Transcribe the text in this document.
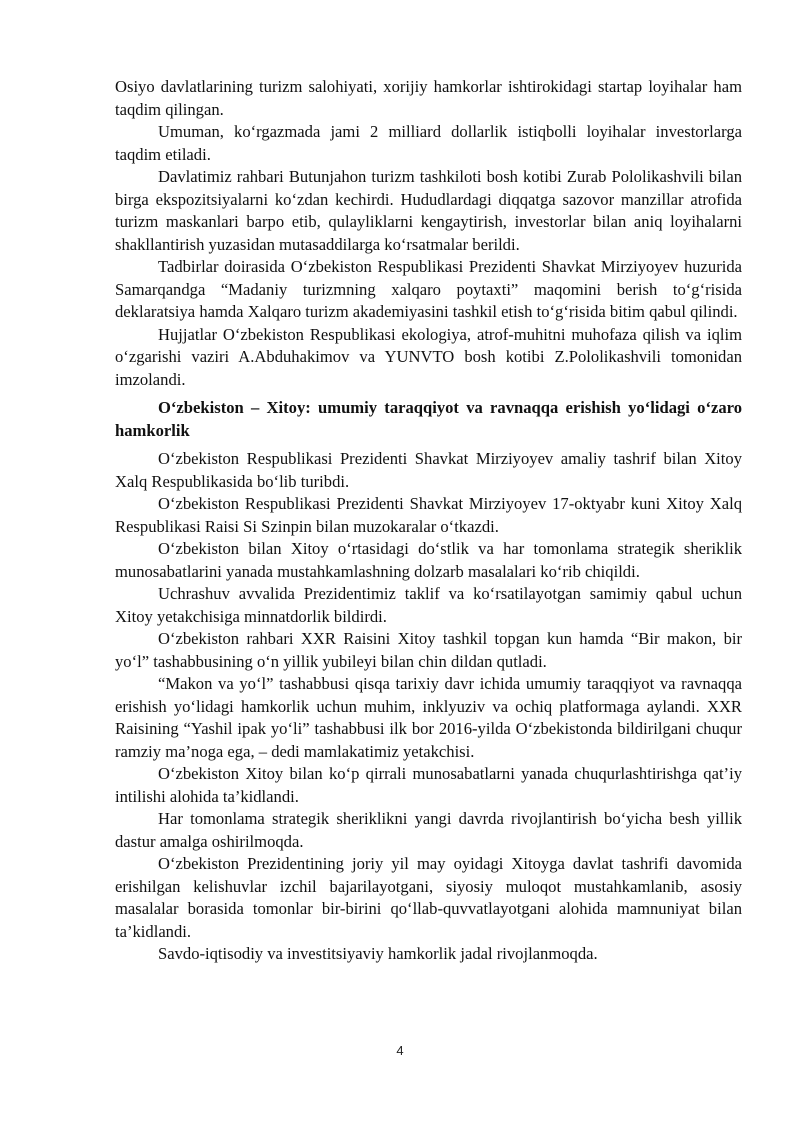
Osiyo davlatlarining turizm salohiyati, xorijiy hamkorlar ishtirokidagi startap loyihalar ham taqdim qilingan.

Umuman, ko‘rgazmada jami 2 milliard dollarlik istiqbolli loyihalar investorlarga taqdim etiladi.

Davlatimiz rahbari Butunjahon turizm tashkiloti bosh kotibi Zurab Pololikashvili bilan birga ekspozitsiyalarni ko‘zdan kechirdi. Hududlardagi diqqatga sazovor manzillar atrofida turizm maskanlari barpo etib, qulayliklarni kengaytirish, investorlar bilan aniq loyihalarni shakllantirish yuzasidan mutasaddilarga ko‘rsatmalar berildi.

Tadbirlar doirasida O‘zbekiston Respublikasi Prezidenti Shavkat Mirziyoyev huzurida Samarqandga “Madaniy turizmning xalqaro poytaxti” maqomini berish to‘g‘risida deklaratsiya hamda Xalqaro turizm akademiyasini tashkil etish to‘g‘risida bitim qabul qilindi.

Hujjatlar O‘zbekiston Respublikasi ekologiya, atrof-muhitni muhofaza qilish va iqlim o‘zgarishi vaziri A.Abduhakimov va YUNVTO bosh kotibi Z.Pololikashvili tomonidan imzolandi.

O‘zbekiston – Xitoy: umumiy taraqqiyot va ravnaqqa erishish yo‘lidagi o‘zaro hamkorlik

O‘zbekiston Respublikasi Prezidenti Shavkat Mirziyoyev amaliy tashrif bilan Xitoy Xalq Respublikasida bo‘lib turibdi.

O‘zbekiston Respublikasi Prezidenti Shavkat Mirziyoyev 17-oktyabr kuni Xitoy Xalq Respublikasi Raisi Si Szinpin bilan muzokaralar o‘tkazdi.

O‘zbekiston bilan Xitoy o‘rtasidagi do‘stlik va har tomonlama strategik sheriklik munosabatlarini yanada mustahkamlashning dolzarb masalalari ko‘rib chiqildi.

Uchrashuv avvalida Prezidentimiz taklif va ko‘rsatilayotgan samimiy qabul uchun Xitoy yetakchisiga minnatdorlik bildirdi.

O‘zbekiston rahbari XXR Raisini Xitoy tashkil topgan kun hamda “Bir makon, bir yo‘l” tashabbusining o‘n yillik yubileyi bilan chin dildan qutladi.

“Makon va yo‘l” tashabbusi qisqa tarixiy davr ichida umumiy taraqqiyot va ravnaqqa erishish yo‘lidagi hamkorlik uchun muhim, inklyuziv va ochiq platformaga aylandi. XXR Raisining “Yashil ipak yo‘li” tashabbusi ilk bor 2016-yilda O‘zbekistonda bildirilgani chuqur ramziy ma’noga ega, – dedi mamlakatimiz yetakchisi.

O‘zbekiston Xitoy bilan ko‘p qirrali munosabatlarni yanada chuqurlashtirishga qat’iy intilishi alohida ta’kidlandi.

Har tomonlama strategik sheriklikni yangi davrda rivojlantirish bo‘yicha besh yillik dastur amalga oshirilmoqda.

O‘zbekiston Prezidentining joriy yil may oyidagi Xitoyga davlat tashrifi davomida erishilgan kelishuvlar izchil bajarilayotgani, siyosiy muloqot mustahkamlanib, asosiy masalalar borasida tomonlar bir-birini qo‘llab-quvvatlayotgani alohida mamnuniyat bilan ta’kidlandi.

Savdo-iqtisodiy va investitsiyaviy hamkorlik jadal rivojlanmoqda.

4
